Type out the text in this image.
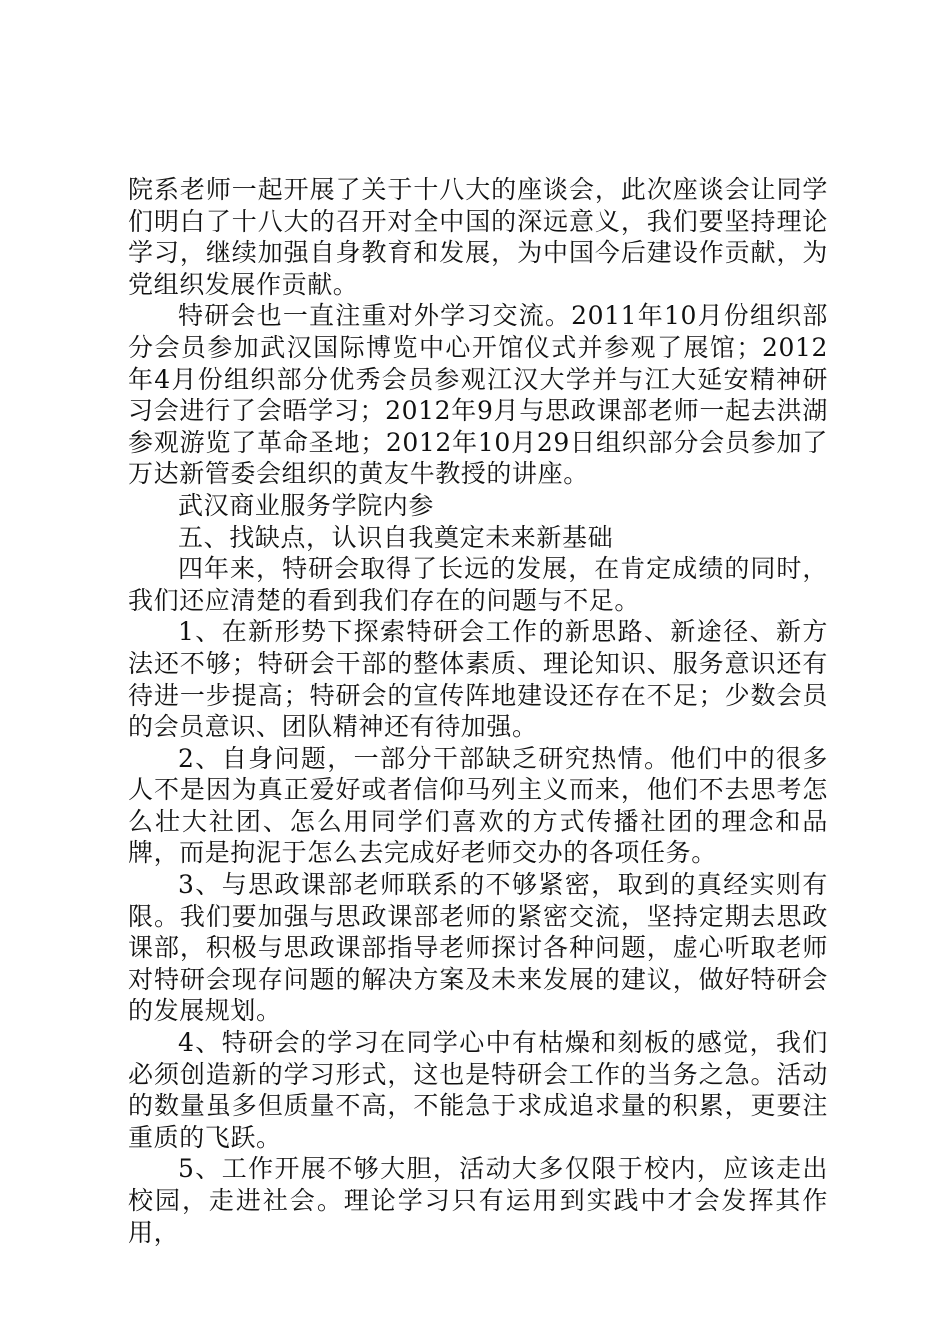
院系老师一起开展了关于十八大的座谈会，此次座谈会让同学们明白了十八大的召开对全中国的深远意义，我们要坚持理论学习，继续加强自身教育和发展，为中国今后建设作贡献，为党组织发展作贡献。

特研会也一直注重对外学习交流。2011年10月份组织部分会员参加武汉国际博览中心开馆仪式并参观了展馆；2012年4月份组织部分优秀会员参观江汉大学并与江大延安精神研习会进行了会晤学习；2012年9月与思政课部老师一起去洪湖参观游览了革命圣地；2012年10月29日组织部分会员参加了万达新管委会组织的黄友牛教授的讲座。

武汉商业服务学院内参

五、找缺点，认识自我奠定未来新基础

四年来，特研会取得了长远的发展，在肯定成绩的同时，我们还应清楚的看到我们存在的问题与不足。

1、在新形势下探索特研会工作的新思路、新途径、新方法还不够；特研会干部的整体素质、理论知识、服务意识还有待进一步提高；特研会的宣传阵地建设还存在不足；少数会员的会员意识、团队精神还有待加强。

2、自身问题，一部分干部缺乏研究热情。他们中的很多人不是因为真正爱好或者信仰马列主义而来，他们不去思考怎么壮大社团、怎么用同学们喜欢的方式传播社团的理念和品牌，而是拘泥于怎么去完成好老师交办的各项任务。

3、与思政课部老师联系的不够紧密，取到的真经实则有限。我们要加强与思政课部老师的紧密交流，坚持定期去思政课部，积极与思政课部指导老师探讨各种问题，虚心听取老师对特研会现存问题的解决方案及未来发展的建议，做好特研会的发展规划。

4、特研会的学习在同学心中有枯燥和刻板的感觉，我们必须创造新的学习形式，这也是特研会工作的当务之急。活动的数量虽多但质量不高，不能急于求成追求量的积累，更要注重质的飞跃。

5、工作开展不够大胆，活动大多仅限于校内，应该走出校园，走进社会。理论学习只有运用到实践中才会发挥其作用，
